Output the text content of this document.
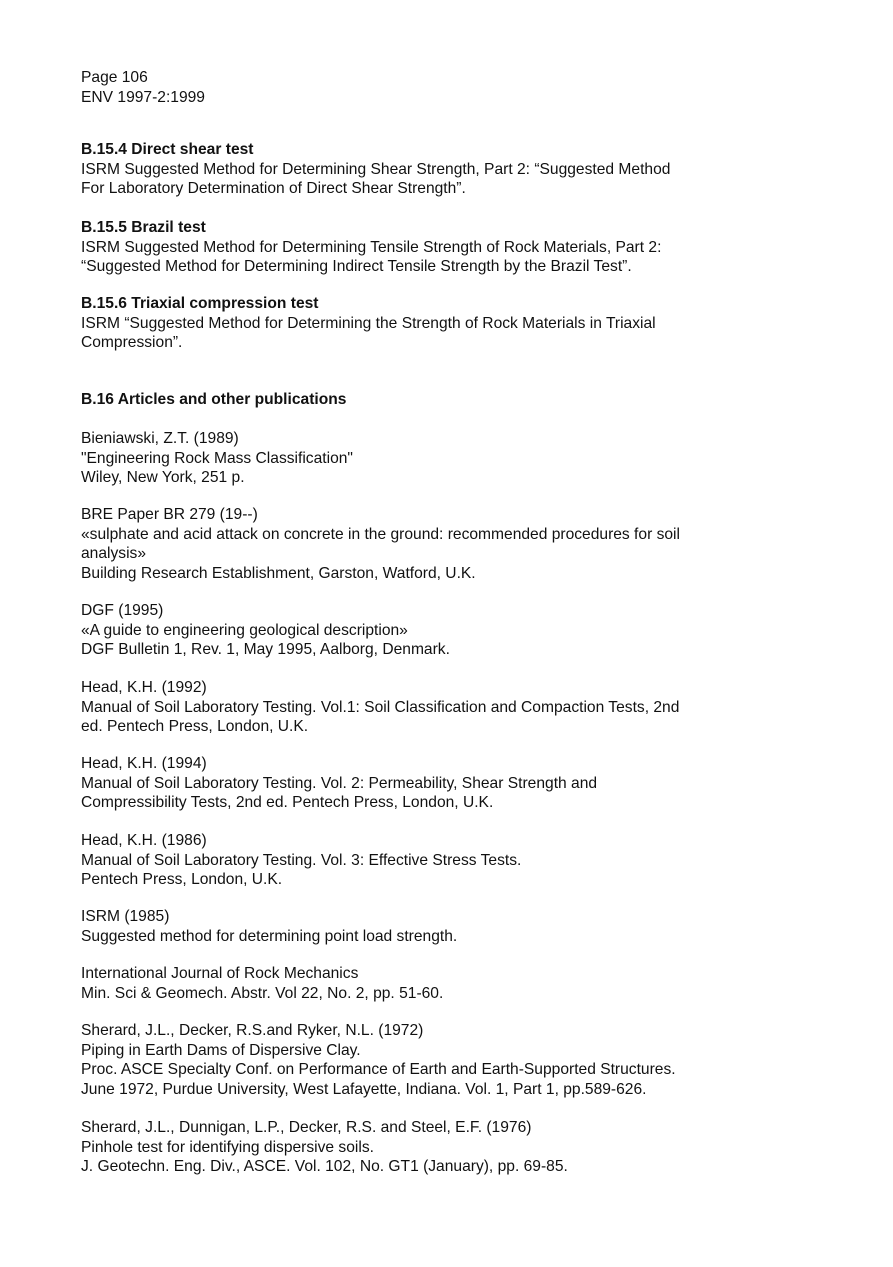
Page 106

ENV 1997-2:1999

B.15.4 Direct shear test

ISRM Suggested Method for Determining Shear Strength, Part 2: “Suggested Method

For Laboratory Determination of Direct Shear Strength”.

B.15.5 Brazil test

ISRM Suggested Method for Determining Tensile Strength of Rock Materials, Part 2:

“Suggested Method for Determining Indirect Tensile Strength by the Brazil Test”.

B.15.6 Triaxial compression test

ISRM “Suggested Method for Determining the Strength of Rock Materials in Triaxial

Compression”.

B.16 Articles and other publications

Bieniawski, Z.T. (1989)

"Engineering Rock Mass Classification"

Wiley, New York, 251 p.

BRE Paper BR 279 (19--)

«sulphate and acid attack on concrete in the ground: recommended procedures for soil

analysis»

Building Research Establishment, Garston, Watford, U.K.

DGF (1995)

«A guide to engineering geological description»

DGF Bulletin 1, Rev. 1, May 1995, Aalborg, Denmark.

Head, K.H. (1992)

Manual of Soil Laboratory Testing. Vol.1: Soil Classification and Compaction Tests, 2nd

ed. Pentech Press, London, U.K.

Head, K.H. (1994)

Manual of Soil Laboratory Testing. Vol. 2: Permeability, Shear Strength and

Compressibility Tests, 2nd ed. Pentech Press, London, U.K.

Head, K.H. (1986)

Manual of Soil Laboratory Testing. Vol. 3: Effective Stress Tests.

Pentech Press, London, U.K.

ISRM (1985)

Suggested method for determining point load strength.

International Journal of Rock Mechanics

Min. Sci & Geomech. Abstr. Vol 22, No. 2, pp. 51-60.

Sherard, J.L., Decker, R.S.and Ryker, N.L. (1972)

Piping in Earth Dams of Dispersive Clay.

Proc. ASCE Specialty Conf. on Performance of Earth and Earth-Supported Structures.

June 1972, Purdue University, West Lafayette, Indiana. Vol. 1, Part 1, pp.589-626.

Sherard, J.L., Dunnigan, L.P., Decker, R.S. and Steel, E.F. (1976)

Pinhole test for identifying dispersive soils.

J. Geotechn. Eng. Div., ASCE. Vol. 102, No. GT1 (January), pp. 69-85.
